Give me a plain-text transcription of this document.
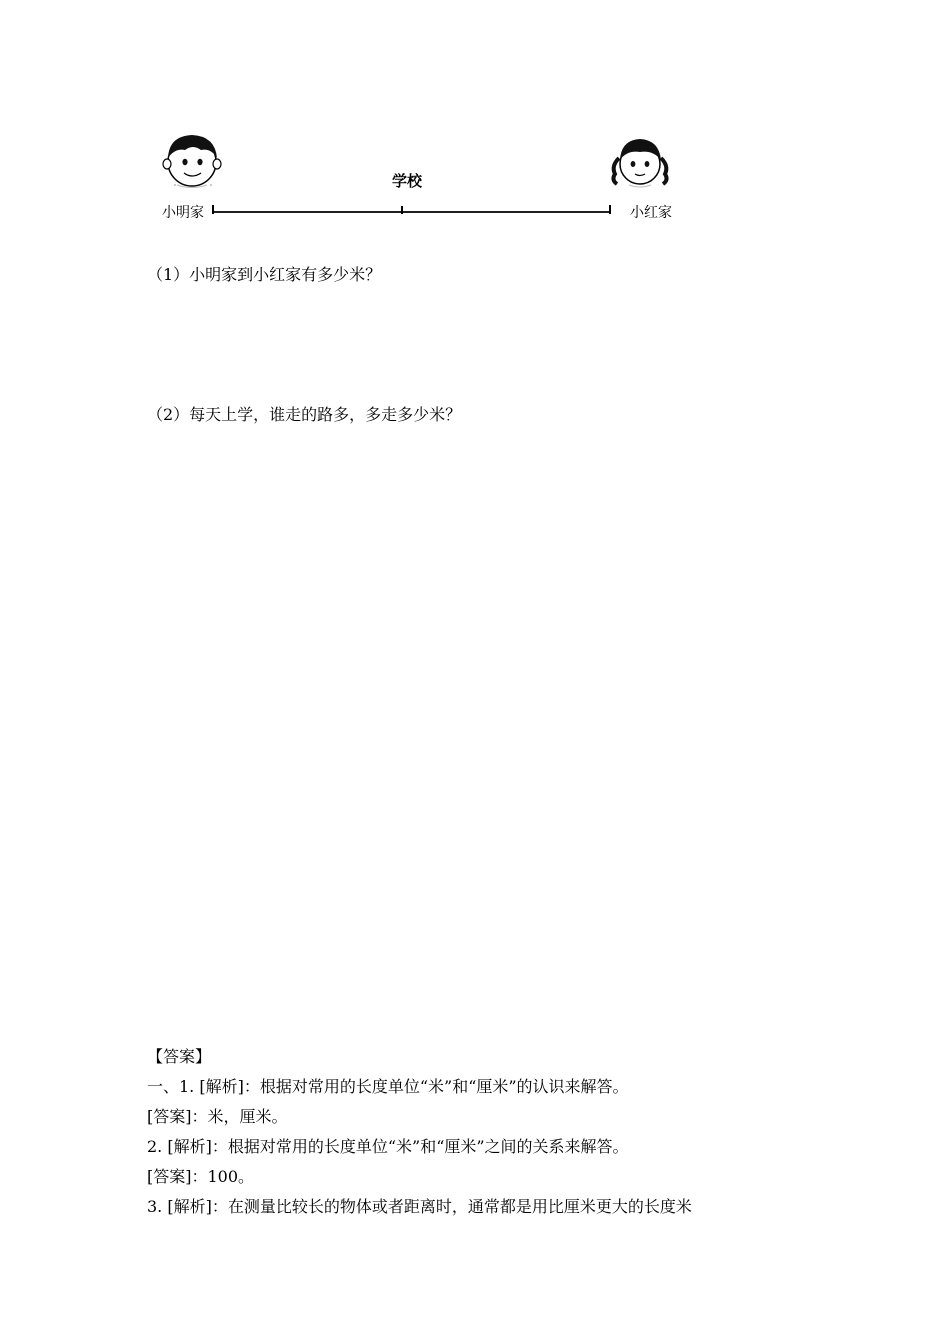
小明家	小红家
学校
（1）小明家到小红家有多少米？
（2）每天上学，谁走的路多，多走多少米？
【答案】
一、1. [解析]：根据对常用的长度单位“米”和“厘米”的认识来解答。
[答案]：米，厘米。
2. [解析]：根据对常用的长度单位“米”和“厘米”之间的关系来解答。
[答案]：100。
3. [解析]：在测量比较长的物体或者距离时，通常都是用比厘米更大的长度米
